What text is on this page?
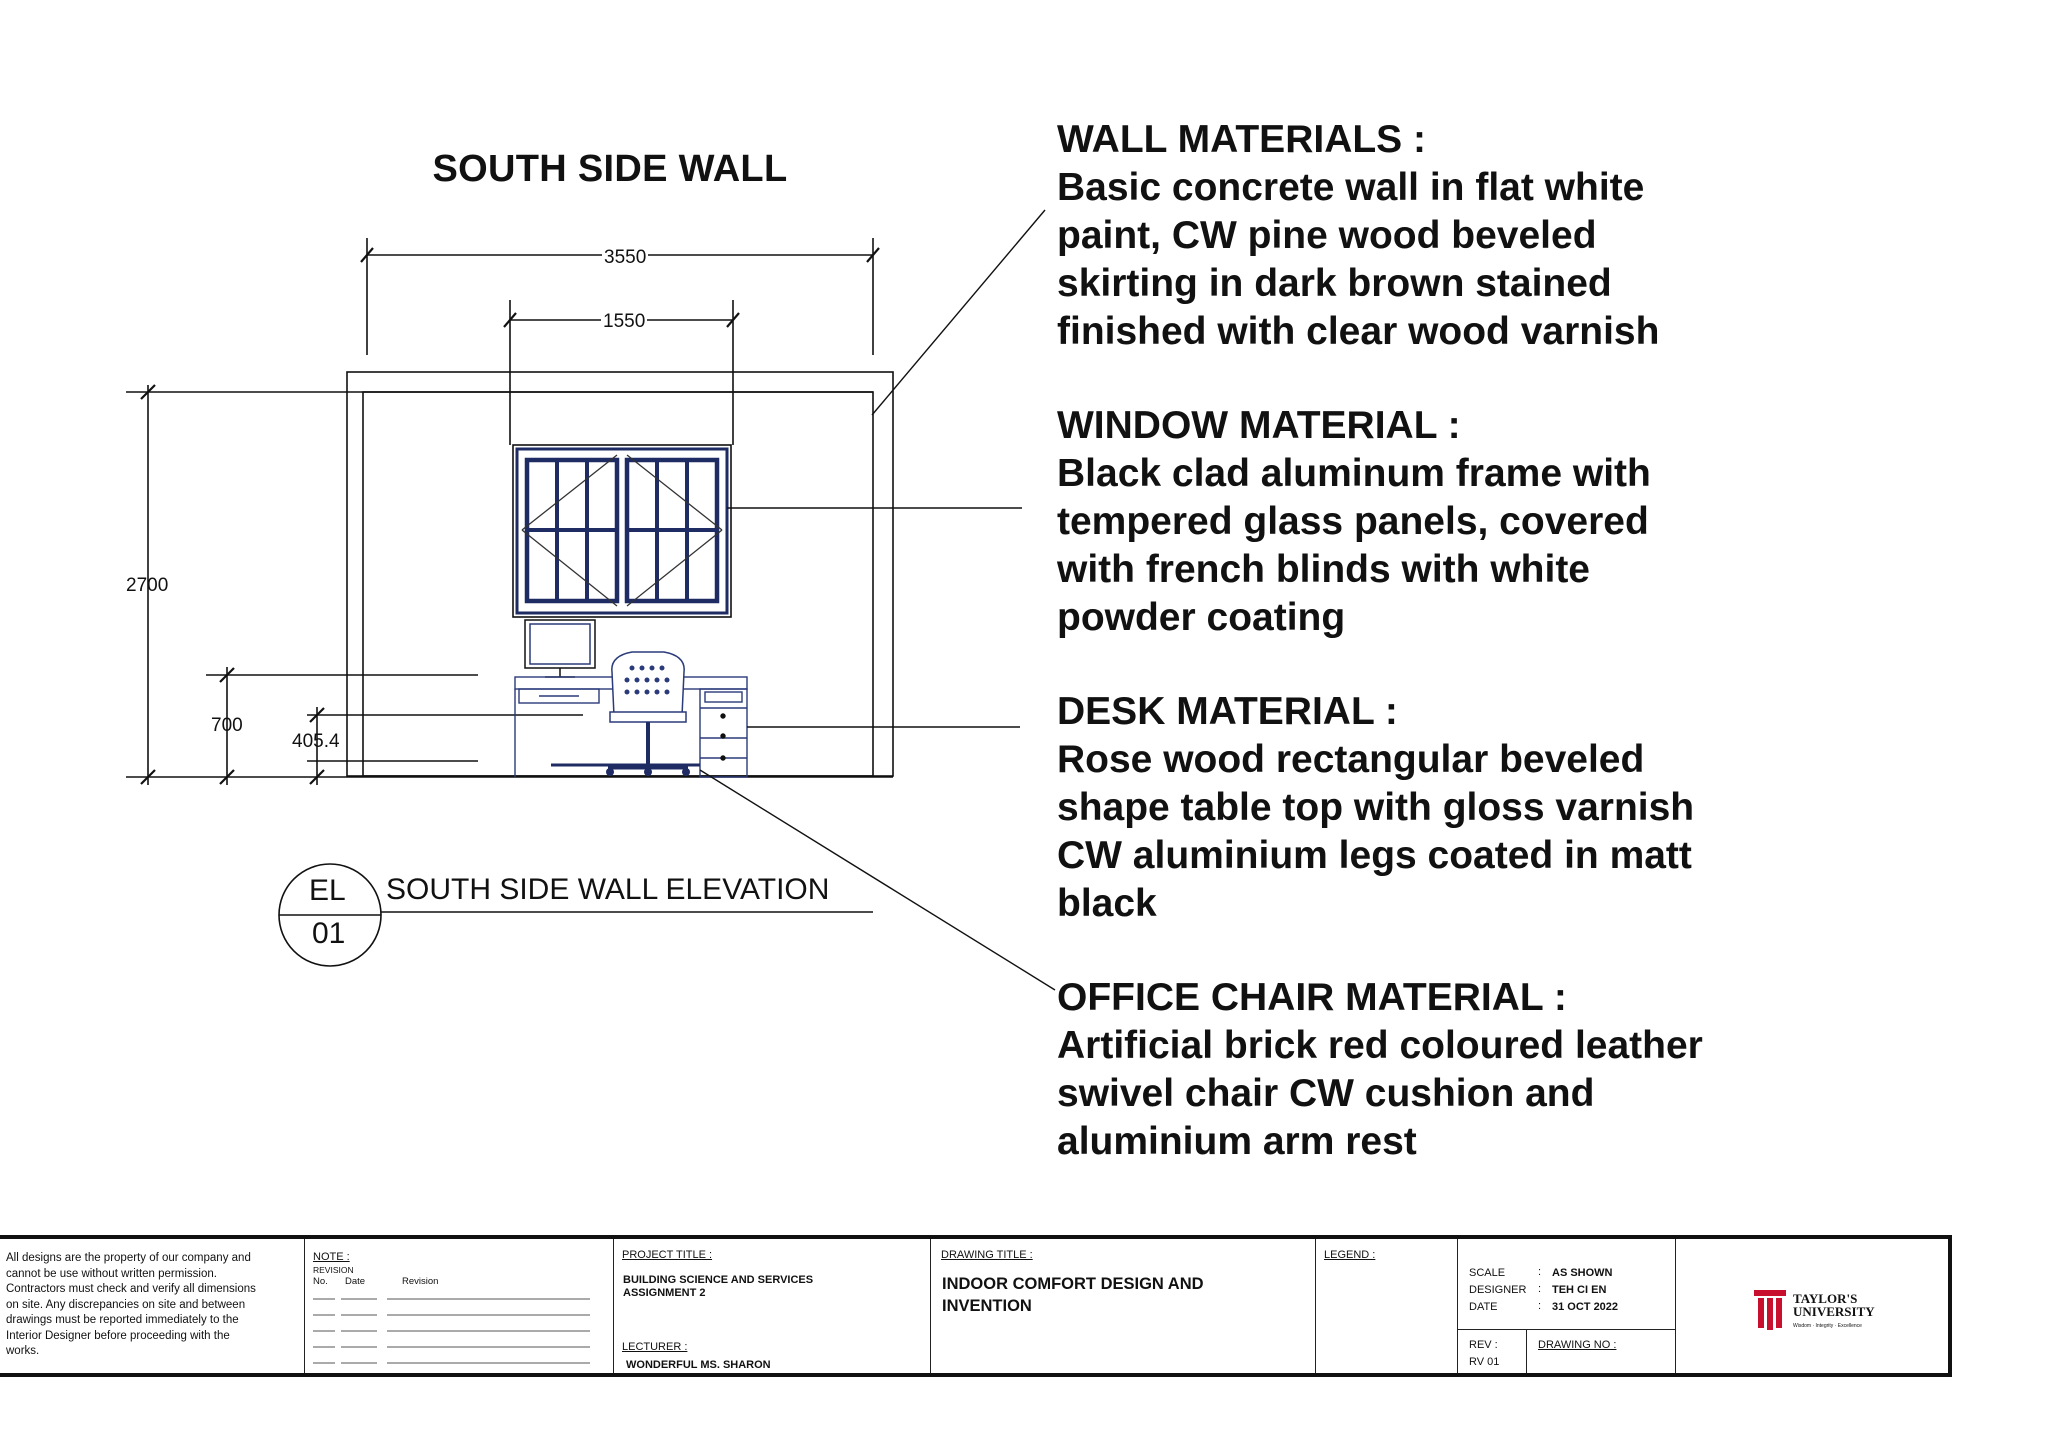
SOUTH SIDE WALL
3550
1550
2700
700
405.4
EL
01
SOUTH SIDE WALL ELEVATION
WALL MATERIALS :
Basic concrete wall in flat white
paint, CW pine wood beveled
skirting in dark brown stained
finished with clear wood varnish
WINDOW MATERIAL :
Black clad aluminum frame with
tempered glass panels, covered
with french blinds with white
powder coating
DESK MATERIAL :
Rose wood rectangular beveled
shape table top with gloss varnish
CW aluminium legs coated in matt
black
OFFICE CHAIR MATERIAL :
Artificial brick red coloured leather
swivel chair CW cushion and
aluminium arm rest
All designs are the property of our company and
cannot be use without written permission.
Contractors must check and verify all dimensions
on site. Any discrepancies on site and between
drawings must be reported immediately to the
Interior Designer before proceeding with the
works.
NOTE :
REVISION
No. Date	Revision
PROJECT TITLE :
BUILDING SCIENCE AND SERVICES
ASSIGNMENT 2
LECTURER :
WONDERFUL MS. SHARON
DRAWING TITLE :
INDOOR COMFORT DESIGN AND
INVENTION
LEGEND :
SCALE	: AS SHOWN
DESIGNER : TEH CI EN
DATE	: 31 OCT 2022
REV :
RV 01
DRAWING NO :
TAYLOR'S UNIVERSITY
Wisdom · Integrity · Excellence
